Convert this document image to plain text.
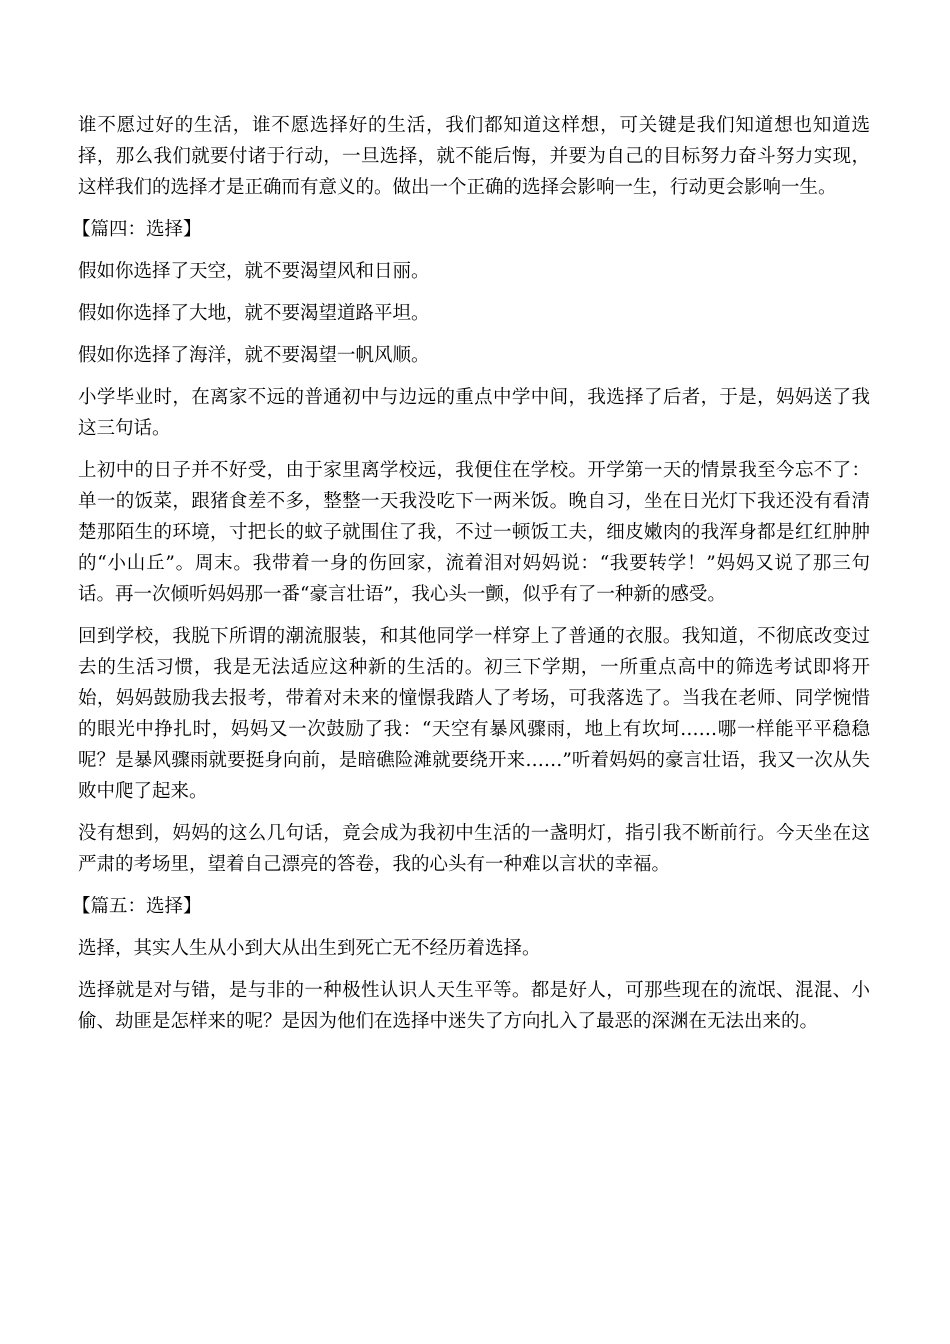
谁不愿过好的生活，谁不愿选择好的生活，我们都知道这样想，可关键是我们知道想也知道选择，那么我们就要付诸于行动，一旦选择，就不能后悔，并要为自己的目标努力奋斗努力实现，这样我们的选择才是正确而有意义的。做出一个正确的选择会影响一生，行动更会影响一生。

【篇四：选择】

假如你选择了天空，就不要渴望风和日丽。

假如你选择了大地，就不要渴望道路平坦。

假如你选择了海洋，就不要渴望一帆风顺。

小学毕业时，在离家不远的普通初中与边远的重点中学中间，我选择了后者，于是，妈妈送了我这三句话。

上初中的日子并不好受，由于家里离学校远，我便住在学校。开学第一天的情景我至今忘不了：单一的饭菜，跟猪食差不多，整整一天我没吃下一两米饭。晚自习，坐在日光灯下我还没有看清楚那陌生的环境，寸把长的蚊子就围住了我，不过一顿饭工夫，细皮嫩肉的我浑身都是红红肿肿的“小山丘”。周末。我带着一身的伤回家，流着泪对妈妈说：“我要转学！”妈妈又说了那三句话。再一次倾听妈妈那一番“豪言壮语”，我心头一颤，似乎有了一种新的感受。

回到学校，我脱下所谓的潮流服装，和其他同学一样穿上了普通的衣服。我知道，不彻底改变过去的生活习惯，我是无法适应这种新的生活的。初三下学期，一所重点高中的筛选考试即将开始，妈妈鼓励我去报考，带着对未来的憧憬我踏人了考场，可我落选了。当我在老师、同学惋惜的眼光中挣扎时，妈妈又一次鼓励了我：“天空有暴风骤雨，地上有坎坷……哪一样能平平稳稳呢？是暴风骤雨就要挺身向前，是暗礁险滩就要绕开来……”听着妈妈的豪言壮语，我又一次从失败中爬了起来。

没有想到，妈妈的这么几句话，竟会成为我初中生活的一盏明灯，指引我不断前行。今天坐在这严肃的考场里，望着自己漂亮的答卷，我的心头有一种难以言状的幸福。

【篇五：选择】

选择，其实人生从小到大从出生到死亡无不经历着选择。

选择就是对与错，是与非的一种极性认识人天生平等。都是好人，可那些现在的流氓、混混、小偷、劫匪是怎样来的呢？是因为他们在选择中迷失了方向扎入了最恶的深渊在无法出来的。
